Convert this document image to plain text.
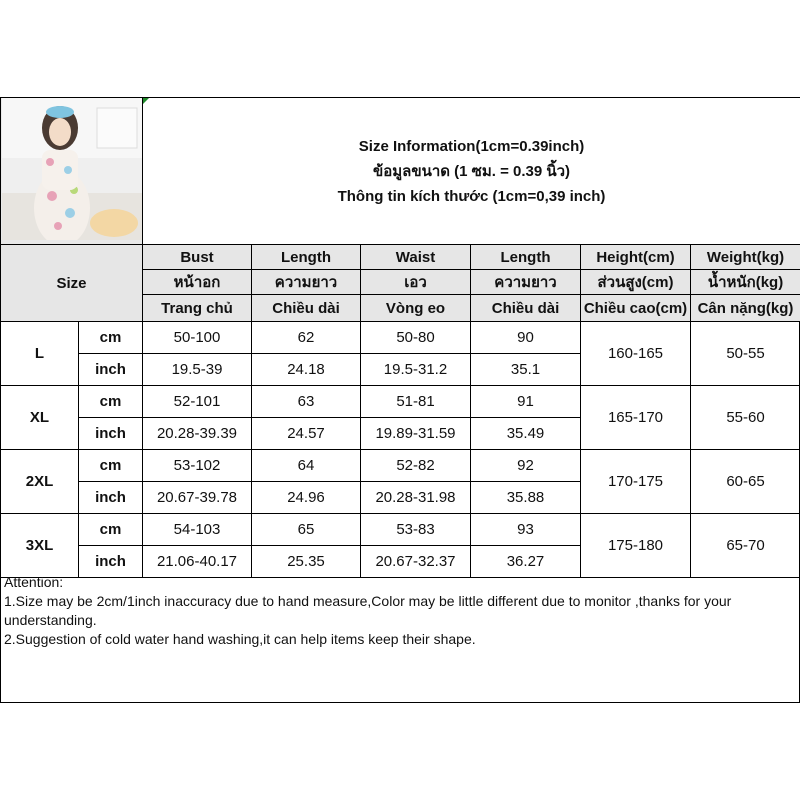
Size Information(1cm=0.39inch)
ข้อมูลขนาด (1 ซม. = 0.39 นิ้ว)
Thông tin kích thước (1cm=0,39 inch)					

Size		Bust	Length	Waist	Length	Height(cm)	Weight(kg)
		หน้าอก	ความยาว	เอว	ความยาว	ส่วนสูง(cm)	น้ำหนัก(kg)
		Trang chủ	Chiều dài	Vòng eo	Chiều dài	Chiều cao(cm)	Cân nặng(kg)
L	cm	50-100	62	50-80	90	160-165	50-55
	inch	19.5-39	24.18	19.5-31.2	35.1		
XL	cm	52-101	63	51-81	91	165-170	55-60
	inch	20.28-39.39	24.57	19.89-31.59	35.49		
2XL	cm	53-102	64	52-82	92	170-175	60-65
	inch	20.67-39.78	24.96	20.28-31.98	35.88		
3XL	cm	54-103	65	53-83	93	175-180	65-70
	inch	21.06-40.17	25.35	20.67-32.37	36.27		
Attention:
1.Size may be 2cm/1inch inaccuracy due to hand measure,Color may be little different due to monitor ,thanks for your understanding.
2.Suggestion of cold water hand washing,it can help items keep their shape.
